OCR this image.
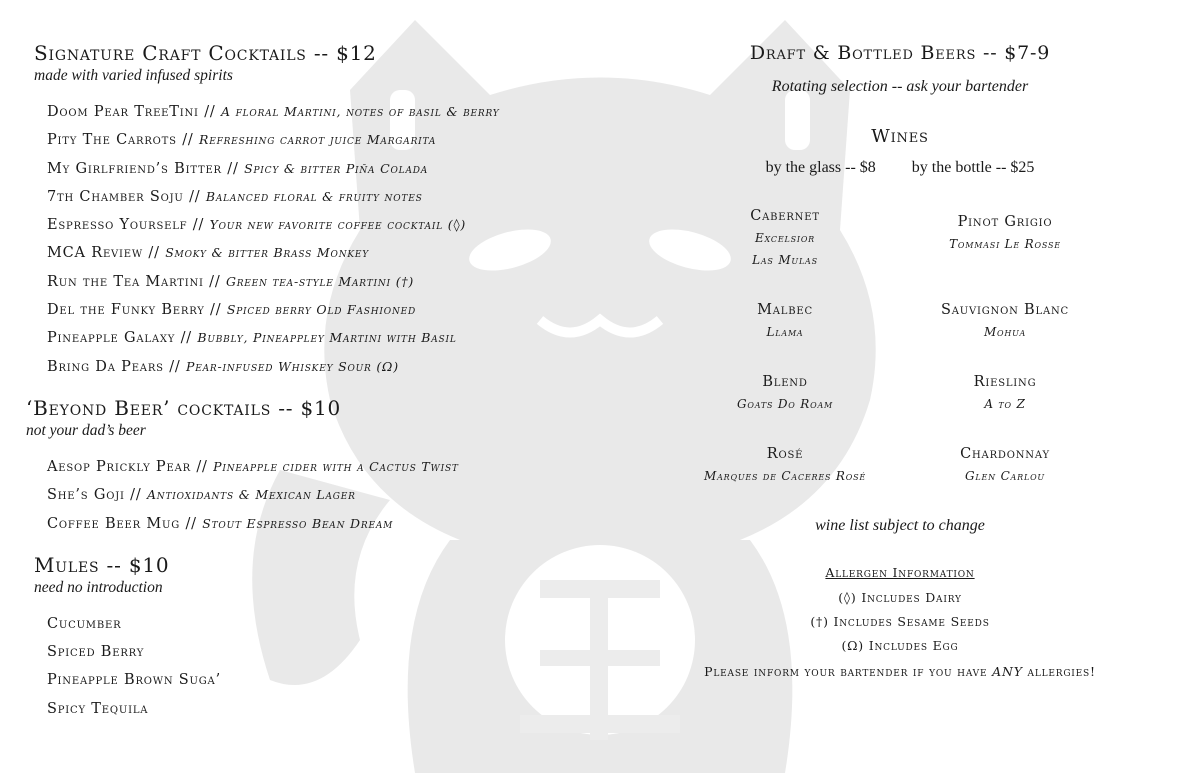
Signature Craft Cocktails -- $12
made with varied infused spirits
Doom Pear TreeTini // A floral Martini, notes of basil & berry
Pity The Carrots // Refreshing carrot juice Margarita
My Girlfriend’s Bitter // Spicy & bitter Piña Colada
7th Chamber Soju // Balanced floral & fruity notes
Espresso Yourself // Your new favorite coffee cocktail (◊)
MCA Review // Smoky & bitter Brass Monkey
Run the Tea Martini // Green tea-style Martini (†)
Del the Funky Berry // Spiced berry Old Fashioned
Pineapple Galaxy // Bubbly, Pineappley Martini with Basil
Bring Da Pears // Pear-infused Whiskey Sour (Ω)
‘Beyond Beer’ cocktails -- $10
not your dad’s beer
Aesop Prickly Pear // Pineapple cider with a Cactus Twist
She’s Goji // Antioxidants & Mexican Lager
Coffee Beer Mug // Stout Espresso Bean Dream
Mules -- $10
need no introduction
Cucumber
Spiced Berry
Pineapple Brown Suga’
Spicy Tequila
Draft & Bottled Beers -- $7-9
Rotating selection -- ask your bartender
Wines
by the glass -- $8 by the bottle -- $25
Cabernet
Excelsior
Las Mulas
Pinot Grigio
Tommasi Le Rosse
Malbec
Llama
Sauvignon Blanc
Mohua
Blend
Goats Do Roam
Riesling
A to Z
Rosé
Marques de Caceres Rosé
Chardonnay
Glen Carlou
wine list subject to change
Allergen Information
(◊) Includes Dairy
(†) Includes Sesame Seeds
(Ω) Includes Egg
Please inform your bartender if you have ANY allergies!
